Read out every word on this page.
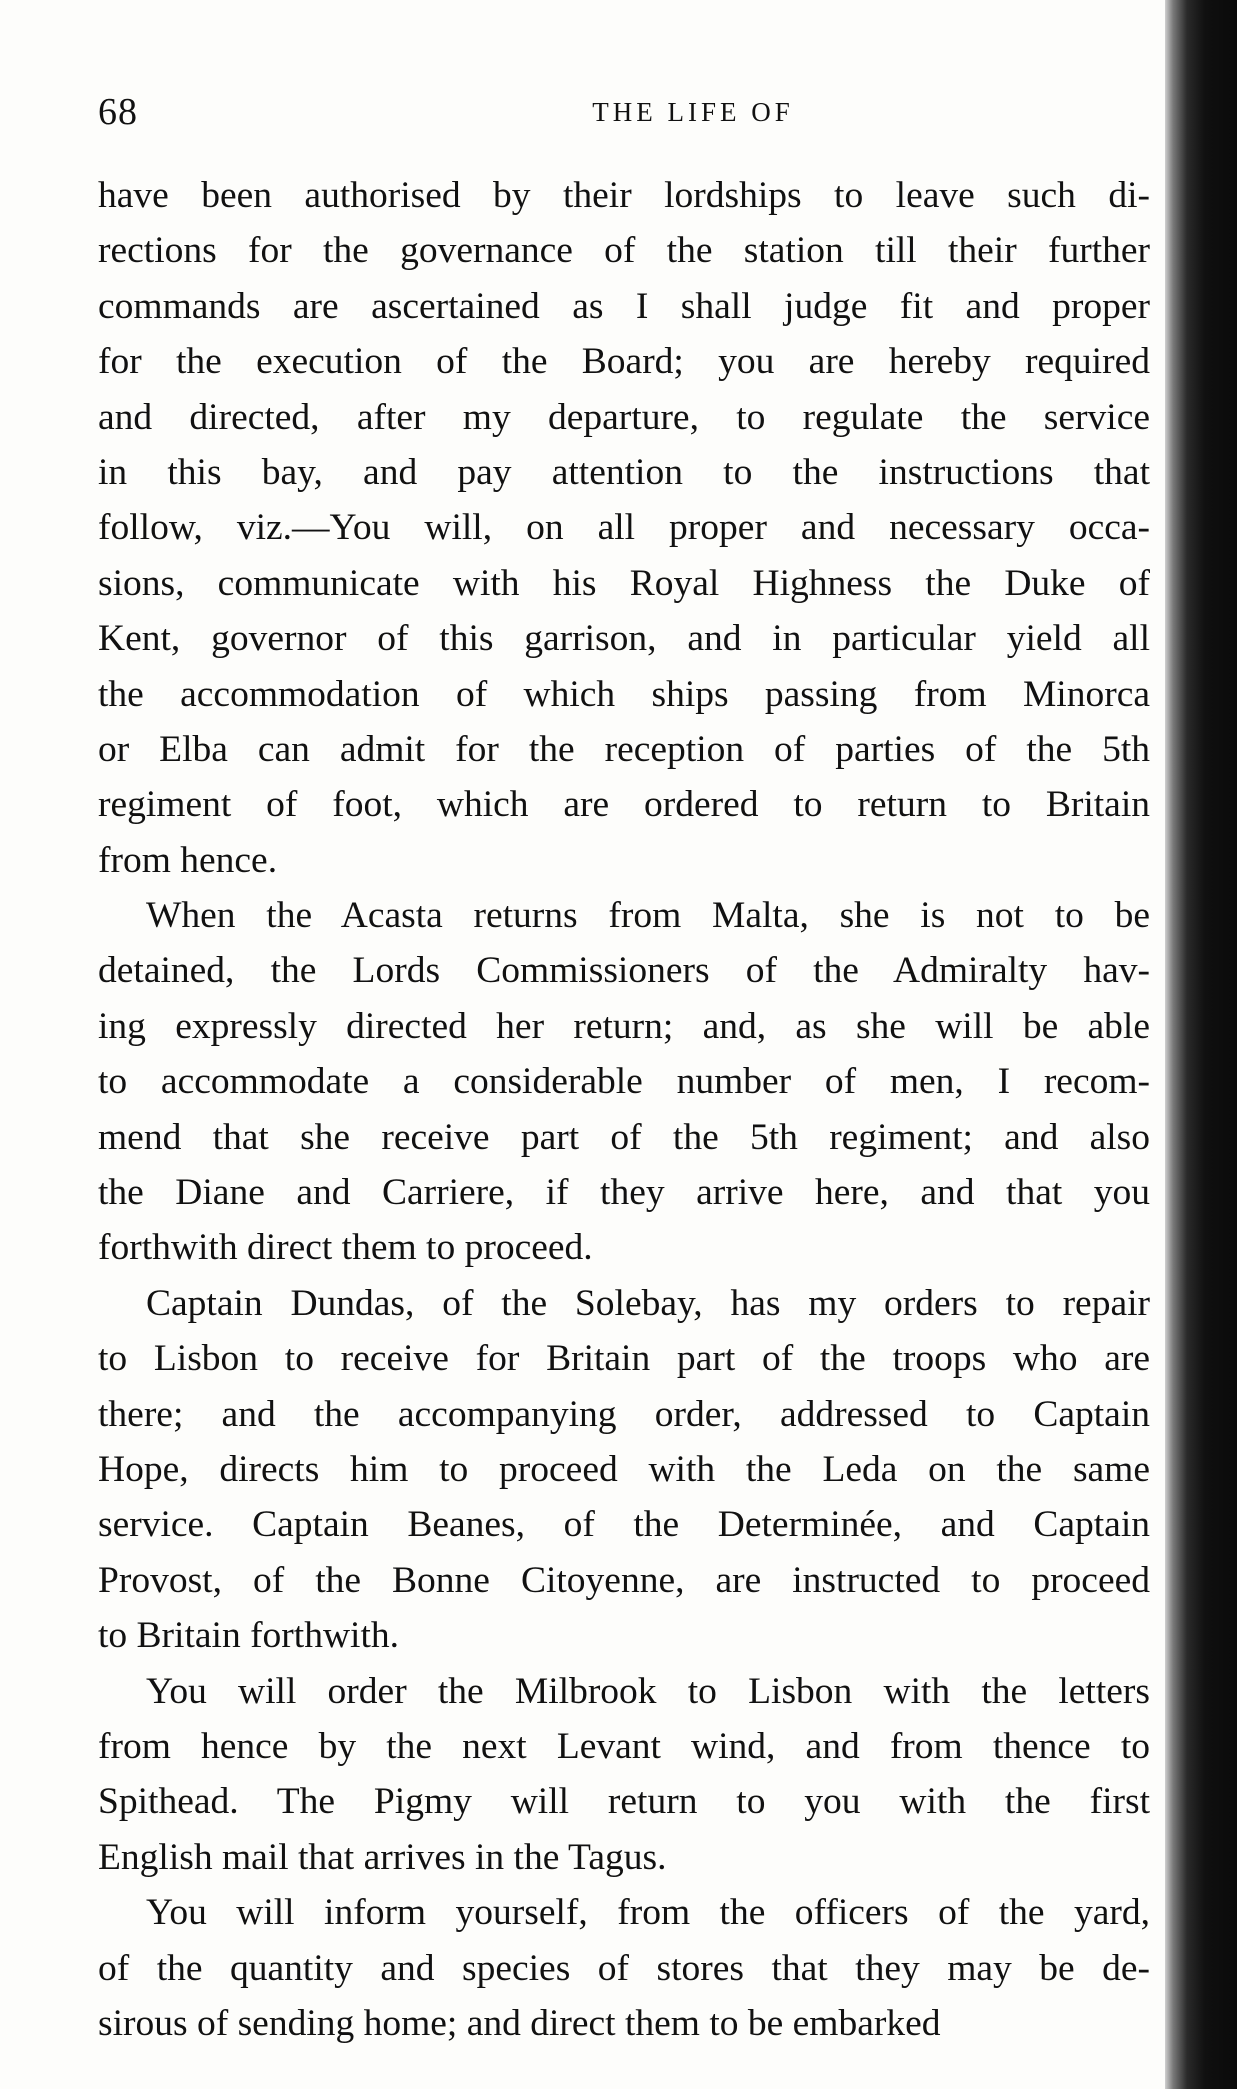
68	THE LIFE OF
have been authorised by their lordships to leave such di-
rections for the governance of the station till their further
commands are ascertained as I shall judge fit and proper
for the execution of the Board; you are hereby required
and directed, after my departure, to regulate the service
in this bay, and pay attention to the instructions that
follow, viz.—You will, on all proper and necessary occa-
sions, communicate with his Royal Highness the Duke of
Kent, governor of this garrison, and in particular yield all
the accommodation of which ships passing from Minorca
or Elba can admit for the reception of parties of the 5th
regiment of foot, which are ordered to return to Britain
from hence.
When the Acasta returns from Malta, she is not to be
detained, the Lords Commissioners of the Admiralty hav-
ing expressly directed her return; and, as she will be able
to accommodate a considerable number of men, I recom-
mend that she receive part of the 5th regiment; and also
the Diane and Carriere, if they arrive here, and that you
forthwith direct them to proceed.
Captain Dundas, of the Solebay, has my orders to repair
to Lisbon to receive for Britain part of the troops who are
there; and the accompanying order, addressed to Captain
Hope, directs him to proceed with the Leda on the same
service. Captain Beanes, of the Determinée, and Captain
Provost, of the Bonne Citoyenne, are instructed to proceed
to Britain forthwith.
You will order the Milbrook to Lisbon with the letters
from hence by the next Levant wind, and from thence to
Spithead. The Pigmy will return to you with the first
English mail that arrives in the Tagus.
You will inform yourself, from the officers of the yard,
of the quantity and species of stores that they may be de-
sirous of sending home; and direct them to be embarked
